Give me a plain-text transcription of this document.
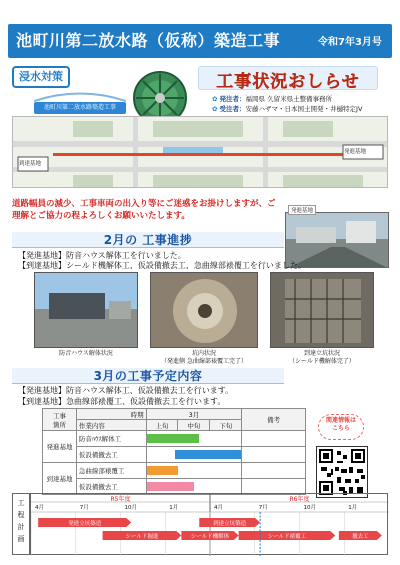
池町川第二放水路（仮称）築造工事	令和7年3月号
浸水対策
池町川第二放水路築造工事
工事状況おしらせ
✿ 発注者：福岡県 久留米県土整備事務所
✿ 受注者：安藤ハザマ・日本国土開発・井樋特定JV
到達基地
発進基地
道路幅員の減少、工事車両の出入り等にご迷惑をお掛けしますが、ご理解とご協力の程よろしくお願いいたします。	発進基地
2月の 工事進捗
【発進基地】防音ハウス解体工を行いました。
【到達基地】シールド機解体工、仮設備撤去工、急曲線部裱覆工を行いました。
防音ハウス解体状況	坑内状況
（発進側 急曲線部裱覆工完了）
到達立坑状況
（シールド機解体完了）
3月の工事予定内容
【発進基地】防音ハウス解体工、仮設備撤去工を行います。
【到達基地】急曲線部裱覆工、仮設備撤去工を行います。
工事
箇所	時期	3月			備考
	作業内容	上旬	中旬	下旬	
発進基地	防音ﾊｳｽ解体工			

	仮設備撤去工			

到達基地	急曲線部裱覆工			

	仮設備撤去工			

関連情報は
こちら
工
程
計
画
R5年度	R6年度
4月	7月	10月	1月	4月	7月	10月	1月
発進立坑築造	到達立坑築造
シールド掘進	シールド機解体	シールド裱覆工	撤去工
